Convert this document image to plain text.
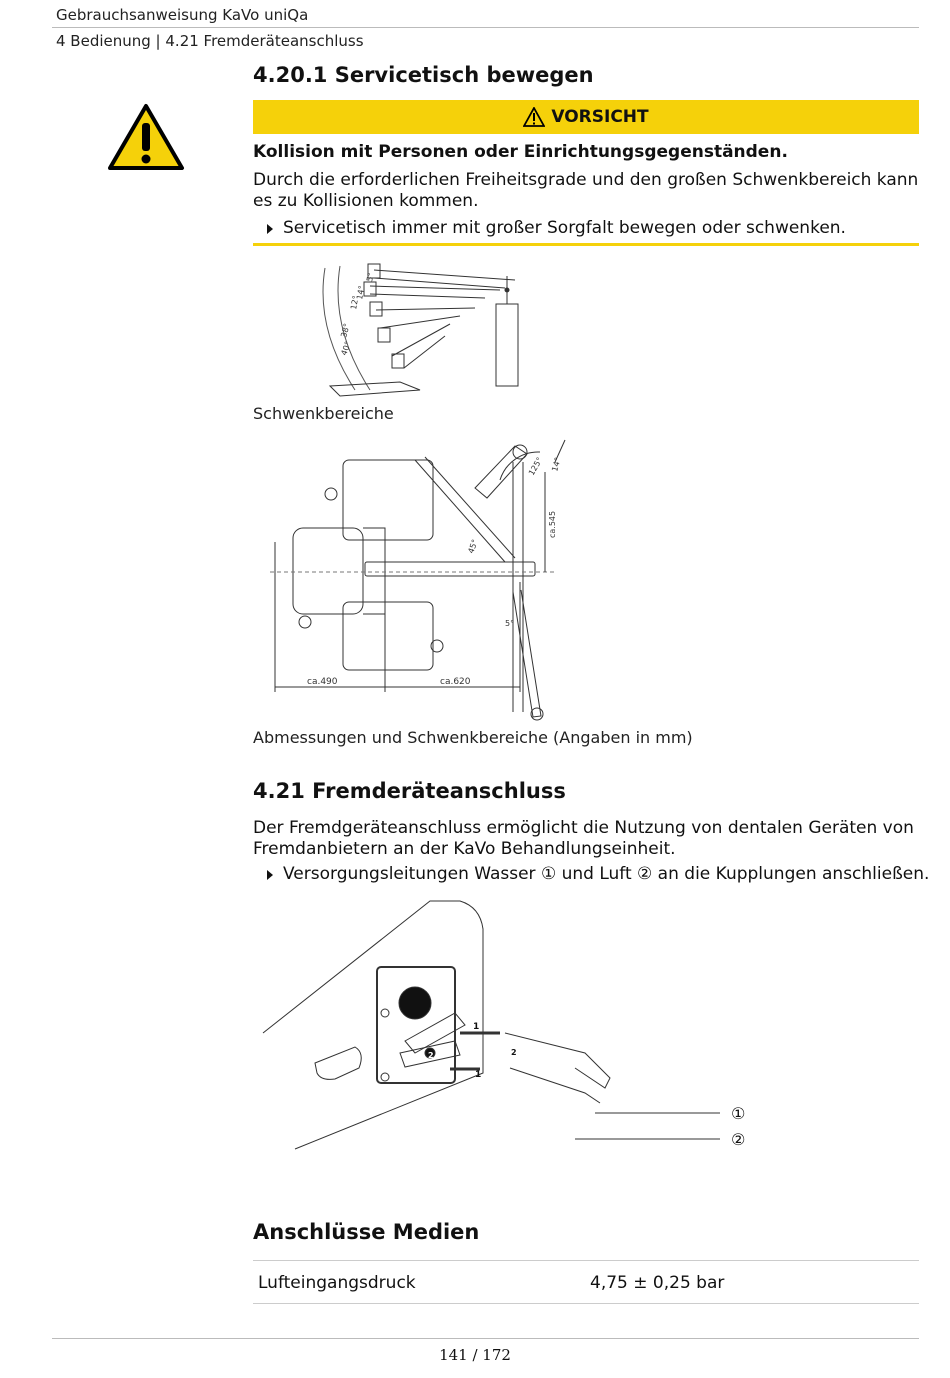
Gebrauchsanweisung KaVo uniQa
4 Bedienung | 4.21 Fremderäteanschluss
4.20.1 Servicetisch bewegen
VORSICHT
Kollision mit Personen oder Einrichtungsgegenständen.
Durch die erforderlichen Freiheitsgrade und den großen Schwenkbereich kann es zu Kollisionen kommen.
Servicetisch immer mit großer Sorgfalt bewegen oder schwenken.
5°
14°
12°
38°
40°
Schwenkbereiche
ca.545
125° 14°
45°
5°
ca.490	ca.620
Abmessungen und Schwenkbereiche (Angaben in mm)
4.21 Fremderäteanschluss
Der Fremdgeräteanschluss ermöglicht die Nutzung von dentalen Geräten von Fremdanbietern an der KaVo Behandlungseinheit.
Versorgungsleitungen Wasser ① und Luft ② an die Kupplungen anschließen.
1
1
2	2
①
②
Anschlüsse Medien
Lufteingangsdruck	4,75 ± 0,25 bar
141 / 172
